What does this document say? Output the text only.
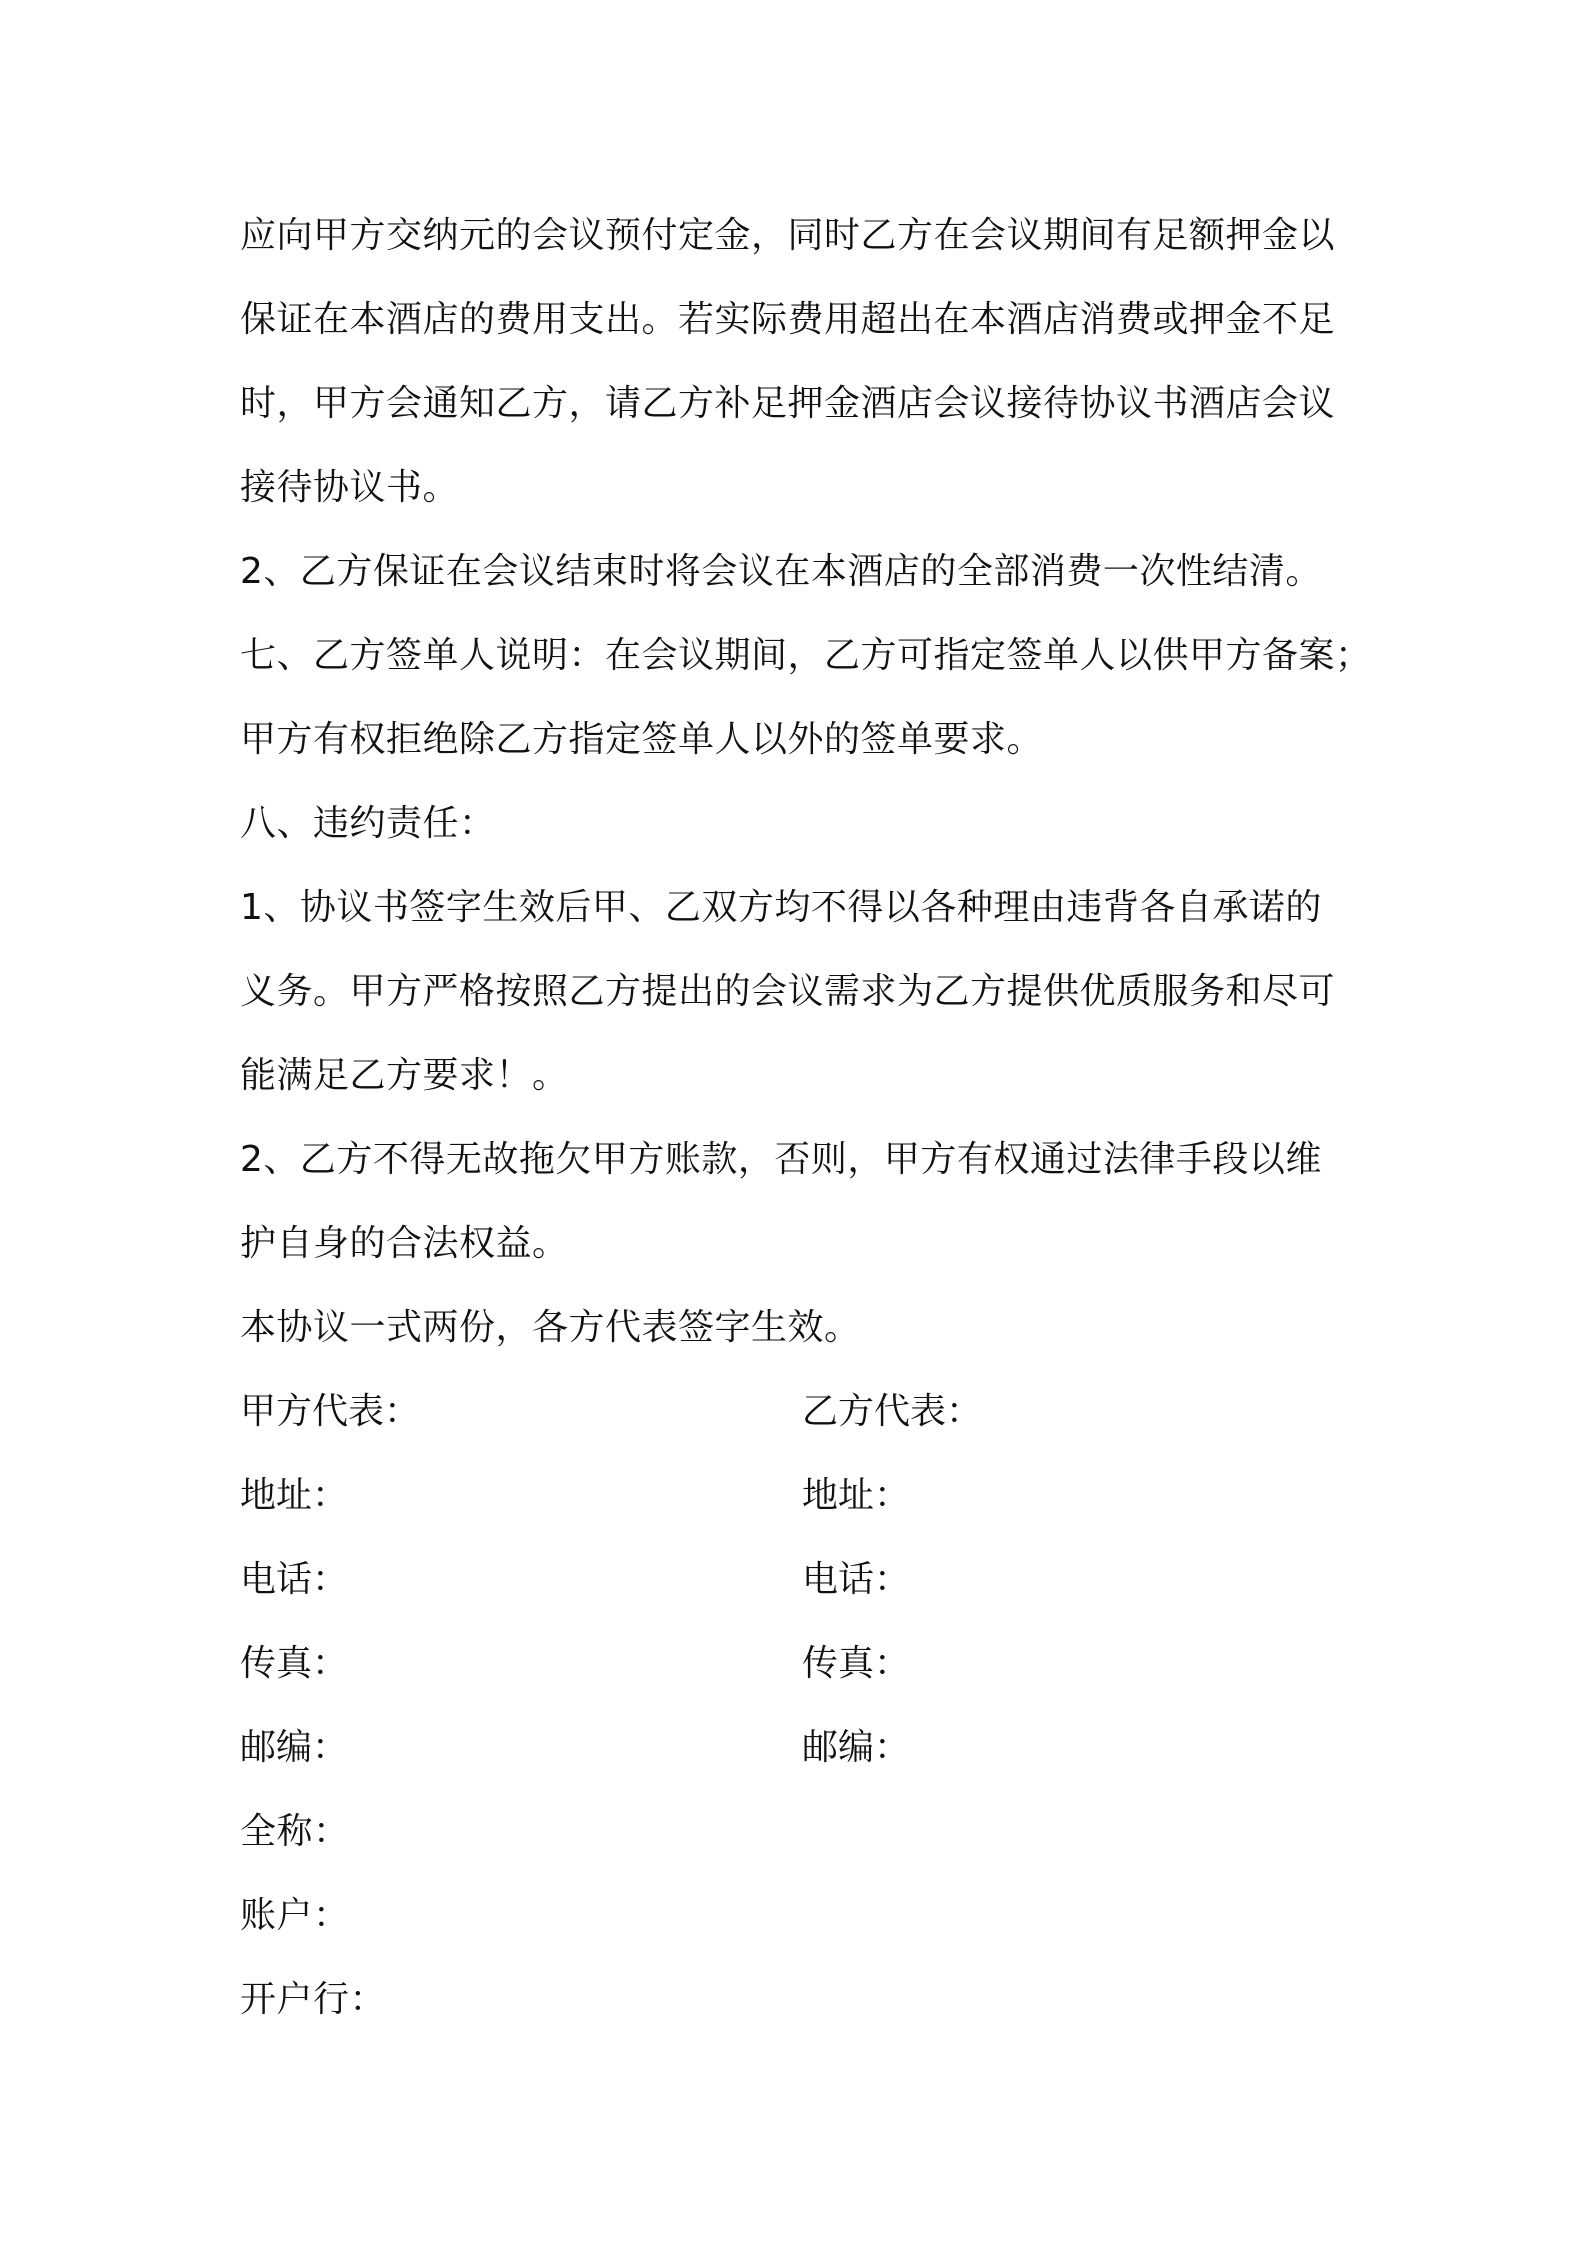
应向甲方交纳元的会议预付定金，同时乙方在会议期间有足额押金以
保证在本酒店的费用支出。若实际费用超出在本酒店消费或押金不足
时，甲方会通知乙方，请乙方补足押金酒店会议接待协议书酒店会议
接待协议书。
2、乙方保证在会议结束时将会议在本酒店的全部消费一次性结清。
七、乙方签单人说明：在会议期间，乙方可指定签单人以供甲方备案；
甲方有权拒绝除乙方指定签单人以外的签单要求。
八、违约责任：
1、协议书签字生效后甲、乙双方均不得以各种理由违背各自承诺的
义务。甲方严格按照乙方提出的会议需求为乙方提供优质服务和尽可
能满足乙方要求！。
2、乙方不得无故拖欠甲方账款，否则，甲方有权通过法律手段以维
护自身的合法权益。
本协议一式两份，各方代表签字生效。
甲方代表：	乙方代表：
地址：	地址：
电话：	电话：
传真：	传真：
邮编：	邮编：
全称：
账户：
开户行：
